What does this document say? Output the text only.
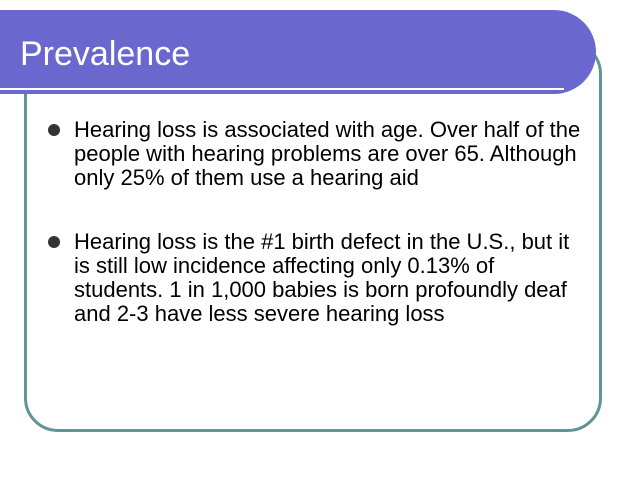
Prevalence
Hearing loss is associated with age. Over half of the people with hearing problems are over 65. Although only 25% of them use a hearing aid
Hearing loss is the #1 birth defect in the U.S., but it is still low incidence affecting only 0.13% of students. 1 in 1,000 babies is born profoundly deaf and 2-3 have less severe hearing loss
